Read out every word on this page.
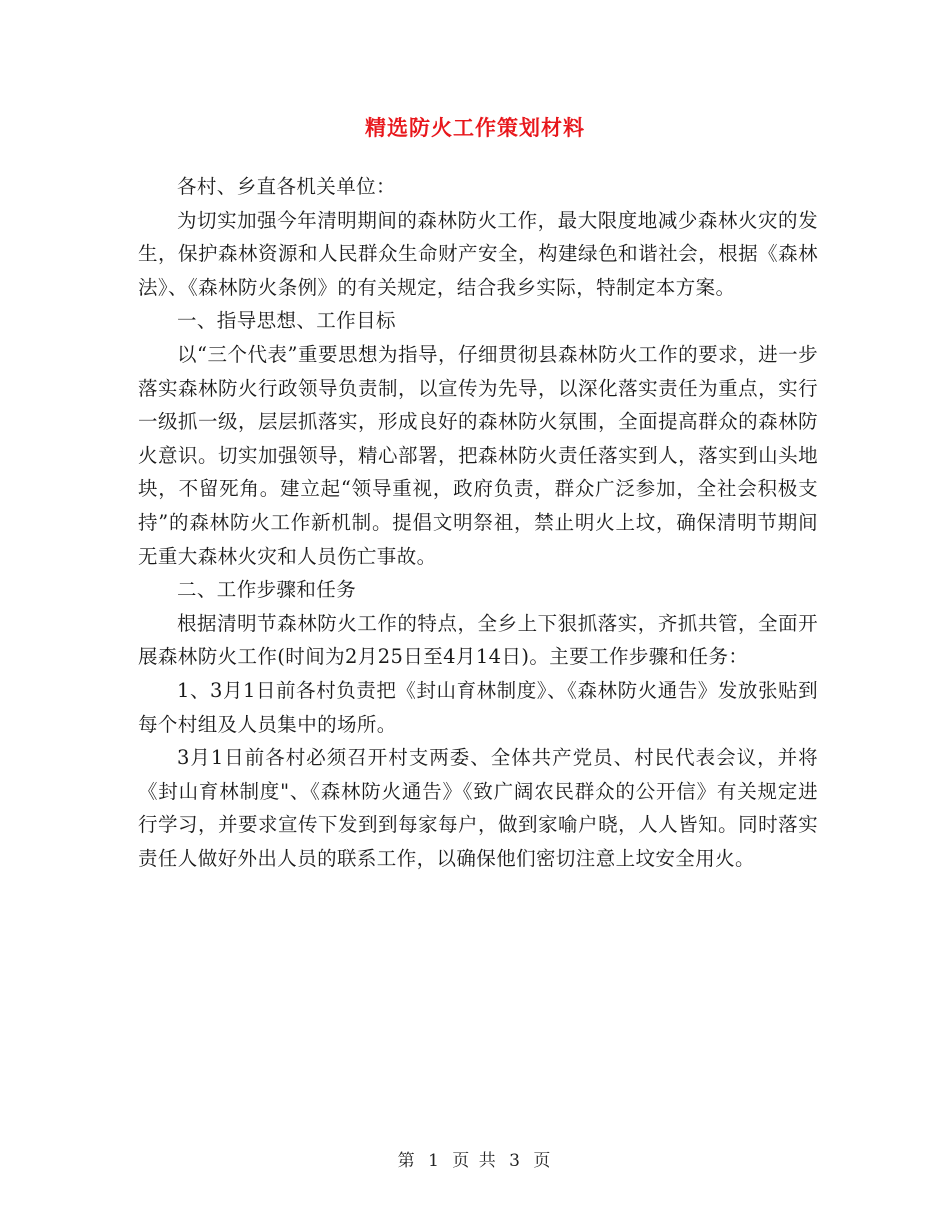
精选防火工作策划材料

各村、乡直各机关单位：

为切实加强今年清明期间的森林防火工作，最大限度地减少森林火灾的发生，保护森林资源和人民群众生命财产安全，构建绿色和谐社会，根据《森林法》、《森林防火条例》的有关规定，结合我乡实际，特制定本方案。

一、指导思想、工作目标

以“三个代表”重要思想为指导，仔细贯彻县森林防火工作的要求，进一步落实森林防火行政领导负责制，以宣传为先导，以深化落实责任为重点，实行一级抓一级，层层抓落实，形成良好的森林防火氛围，全面提高群众的森林防火意识。切实加强领导，精心部署，把森林防火责任落实到人，落实到山头地块，不留死角。建立起“领导重视，政府负责，群众广泛参加，全社会积极支持”的森林防火工作新机制。提倡文明祭祖，禁止明火上坟，确保清明节期间无重大森林火灾和人员伤亡事故。

二、工作步骤和任务

根据清明节森林防火工作的特点，全乡上下狠抓落实，齐抓共管，全面开展森林防火工作(时间为2月25日至4月14日)。主要工作步骤和任务：

1、3月1日前各村负责把《封山育林制度》、《森林防火通告》发放张贴到每个村组及人员集中的场所。

3月1日前各村必须召开村支两委、全体共产党员、村民代表会议，并将《封山育林制度"、《森林防火通告》《致广阔农民群众的公开信》有关规定进行学习，并要求宣传下发到到每家每户，做到家喻户晓，人人皆知。同时落实责任人做好外出人员的联系工作，以确保他们密切注意上坟安全用火。

第 1 页 共 3 页
